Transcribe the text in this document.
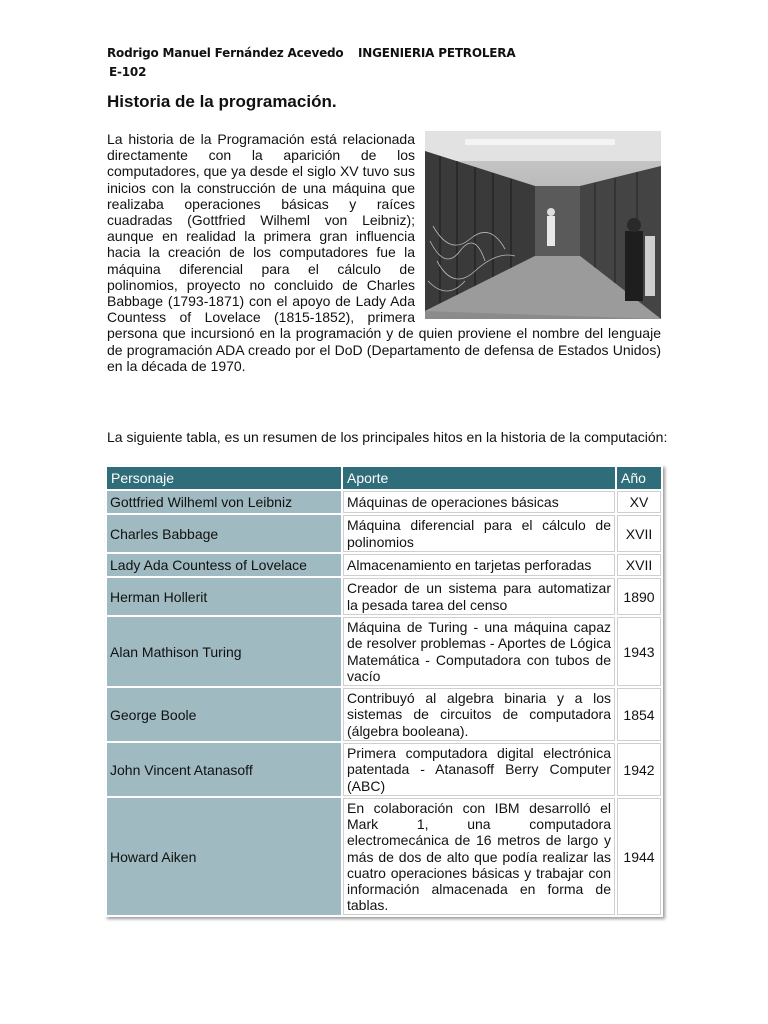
Rodrigo Manuel Fernández Acevedo INGENIERIA PETROLERA
E-102
Historia de la programación.

La historia de la Programación está relacionada directamente con la aparición de los computadores, que ya desde el siglo XV tuvo sus inicios con la construcción de una máquina que realizaba operaciones básicas y raíces cuadradas (Gottfried Wilheml von Leibniz); aunque en realidad la primera gran influencia hacia la creación de los computadores fue la máquina diferencial para el cálculo de polinomios, proyecto no concluido de Charles Babbage (1793-1871) con el apoyo de Lady Ada Countess of Lovelace (1815-1852), primera persona que incursionó en la programación y de quien proviene el nombre del lenguaje de programación ADA creado por el DoD (Departamento de defensa de Estados Unidos) en la década de 1970.

La siguiente tabla, es un resumen de los principales hitos en la historia de la computación:

Personaje	Aporte	Año
Gottfried Wilheml von Leibniz	Máquinas de operaciones básicas	XV
Charles Babbage	Máquina diferencial para el cálculo de polinomios	XVII
Lady Ada Countess of Lovelace	Almacenamiento en tarjetas perforadas	XVII
Herman Hollerit	Creador de un sistema para automatizar la pesada tarea del censo	1890
Alan Mathison Turing	Máquina de Turing - una máquina capaz de resolver problemas - Aportes de Lógica Matemática - Computadora con tubos de vacío	1943
George Boole	Contribuyó al algebra binaria y a los sistemas de circuitos de computadora (álgebra booleana).	1854
John Vincent Atanasoff	Primera computadora digital electrónica patentada - Atanasoff Berry Computer (ABC)	1942
Howard Aiken	En colaboración con IBM desarrolló el Mark 1, una computadora electromecánica de 16 metros de largo y más de dos de alto que podía realizar las cuatro operaciones básicas y trabajar con información almacenada en forma de tablas.	1944
